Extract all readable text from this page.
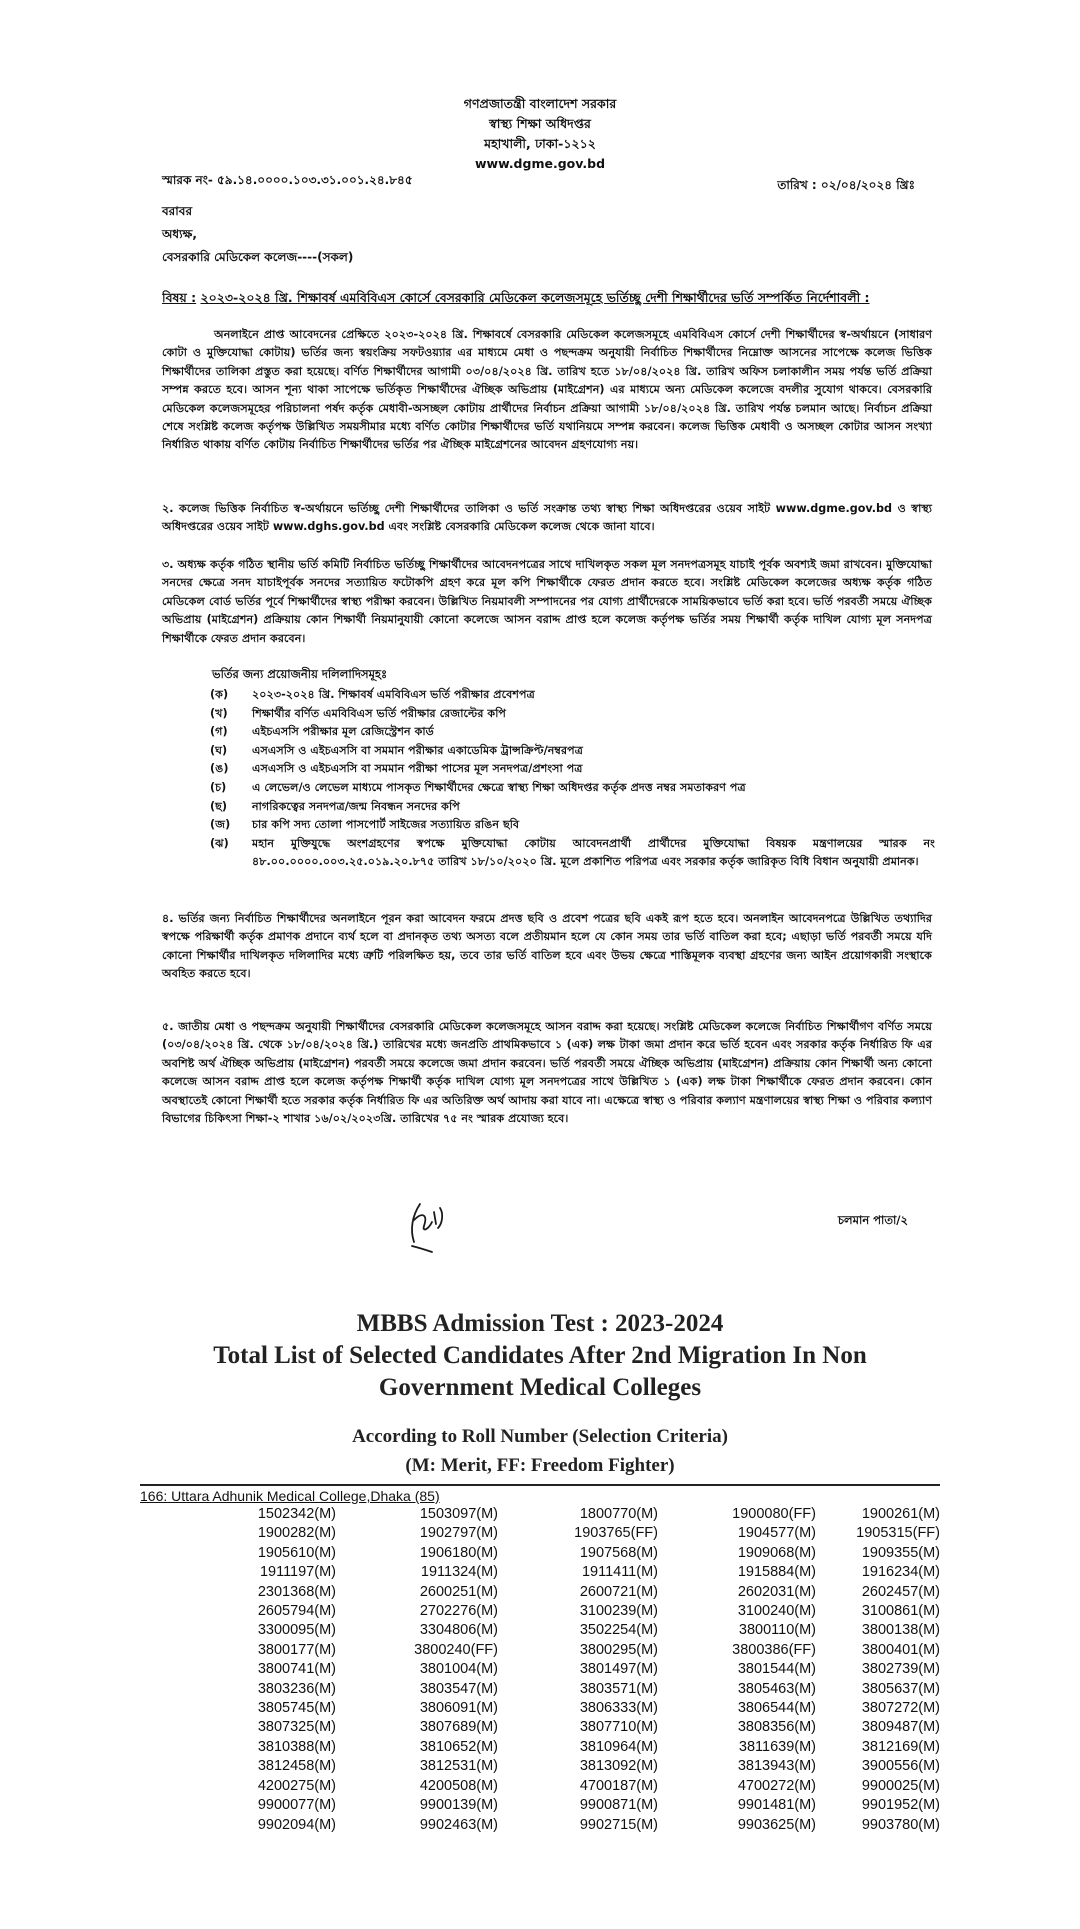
গণপ্রজাতন্ত্রী বাংলাদেশ সরকার
স্বাস্থ্য শিক্ষা অধিদপ্তর
মহাখালী, ঢাকা-১২১২
www.dgme.gov.bd
স্মারক নং- ৫৯.১৪.০০০০.১০৩.৩১.০০১.২৪.৮৪৫	তারিখ : ০২/০৪/২০২৪ খ্রিঃ
বরাবর
অধ্যক্ষ,
বেসরকারি মেডিকেল কলেজ----(সকল)
বিষয় : ২০২৩-২০২৪ খ্রি. শিক্ষাবর্ষ এমবিবিএস কোর্সে বেসরকারি মেডিকেল কলেজসমূহে ভর্তিচ্ছু দেশী শিক্ষার্থীদের ভর্তি সম্পর্কিত নির্দেশাবলী :
অনলাইনে প্রাপ্ত আবেদনের প্রেক্ষিতে ২০২৩-২০২৪ খ্রি. শিক্ষাবর্ষে বেসরকারি মেডিকেল কলেজসমূহে এমবিবিএস কোর্সে দেশী শিক্ষার্থীদের স্ব-অর্থায়নে (সাধারণ কোটা ও মুক্তিযোদ্ধা কোটায়) ভর্তির জন্য স্বয়ংক্রিয় সফটওয়্যার এর মাধ্যমে মেধা ও পছন্দক্রম অনুযায়ী নির্বাচিত শিক্ষার্থীদের নিম্নোক্ত আসনের সাপেক্ষে কলেজ ভিত্তিক শিক্ষার্থীদের তালিকা প্রস্তুত করা হয়েছে। বর্ণিত শিক্ষার্থীদের আগামী ০৩/০৪/২০২৪ খ্রি. তারিখ হতে ১৮/০৪/২০২৪ খ্রি. তারিখ অফিস চলাকালীন সময় পর্যন্ত ভর্তি প্রক্রিয়া সম্পন্ন করতে হবে। আসন শূন্য থাকা সাপেক্ষে ভর্তিকৃত শিক্ষার্থীদের ঐচ্ছিক অভিপ্রায় (মাইগ্রেশন) এর মাধ্যমে অন্য মেডিকেল কলেজে বদলীর সুযোগ থাকবে। বেসরকারি মেডিকেল কলেজসমূহের পরিচালনা পর্ষদ কর্তৃক মেধাবী-অসচ্ছল কোটায় প্রার্থীদের নির্বাচন প্রক্রিয়া আগামী ১৮/০৪/২০২৪ খ্রি. তারিখ পর্যন্ত চলমান আছে। নির্বাচন প্রক্রিয়া শেষে সংশ্লিষ্ট কলেজ কর্তৃপক্ষ উল্লিখিত সময়সীমার মধ্যে বর্ণিত কোটার শিক্ষার্থীদের ভর্তি যথানিয়মে সম্পন্ন করবেন। কলেজ ভিত্তিক মেধাবী ও অসচ্ছল কোটার আসন সংখ্যা নির্ধারিত থাকায় বর্ণিত কোটায় নির্বাচিত শিক্ষার্থীদের ভর্তির পর ঐচ্ছিক মাইগ্রেশনের আবেদন গ্রহণযোগ্য নয়।
২. কলেজ ভিত্তিক নির্বাচিত স্ব-অর্থায়নে ভর্তিচ্ছু দেশী শিক্ষার্থীদের তালিকা ও ভর্তি সংক্রান্ত তথ্য স্বাস্থ্য শিক্ষা অধিদপ্তরের ওয়েব সাইট www.dgme.gov.bd ও স্বাস্থ্য অধিদপ্তরের ওয়েব সাইট www.dghs.gov.bd এবং সংশ্লিষ্ট বেসরকারি মেডিকেল কলেজ থেকে জানা যাবে।
৩. অধ্যক্ষ কর্তৃক গঠিত স্থানীয় ভর্তি কমিটি নির্বাচিত ভর্তিচ্ছু শিক্ষার্থীদের আবেদনপত্রের সাথে দাখিলকৃত সকল মূল সনদপত্রসমূহ যাচাই পূর্বক অবশ্যই জমা রাখবেন। মুক্তিযোদ্ধা সনদের ক্ষেত্রে সনদ যাচাইপূর্বক সনদের সত্যায়িত ফটোকপি গ্রহণ করে মূল কপি শিক্ষার্থীকে ফেরত প্রদান করতে হবে। সংশ্লিষ্ট মেডিকেল কলেজের অধ্যক্ষ কর্তৃক গঠিত মেডিকেল বোর্ড ভর্তির পূর্বে শিক্ষার্থীদের স্বাস্থ্য পরীক্ষা করবেন। উল্লিখিত নিয়মাবলী সম্পাদনের পর যোগ্য প্রার্থীদেরকে সাময়িকভাবে ভর্তি করা হবে। ভর্তি পরবর্তী সময়ে ঐচ্ছিক অভিপ্রায় (মাইগ্রেশন) প্রক্রিয়ায় কোন শিক্ষার্থী নিয়মানুযায়ী কোনো কলেজে আসন বরাদ্দ প্রাপ্ত হলে কলেজ কর্তৃপক্ষ ভর্তির সময় শিক্ষার্থী কর্তৃক দাখিল যোগ্য মূল সনদপত্র শিক্ষার্থীকে ফেরত প্রদান করবেন।
ভর্তির জন্য প্রয়োজনীয় দলিলাদিসমূহঃ
(ক)	২০২৩-২০২৪ খ্রি. শিক্ষাবর্ষ এমবিবিএস ভর্তি পরীক্ষার প্রবেশপত্র
(খ)	শিক্ষার্থীর বর্ণিত এমবিবিএস ভর্তি পরীক্ষার রেজাল্টের কপি
(গ)	এইচএসসি পরীক্ষার মূল রেজিস্ট্রেশন কার্ড
(ঘ)	এসএসসি ও এইচএসসি বা সমমান পরীক্ষার একাডেমিক ট্রান্সক্রিপ্ট/নম্বরপত্র
(ঙ)	এসএসসি ও এইচএসসি বা সমমান পরীক্ষা পাসের মূল সনদপত্র/প্রশংসা পত্র
(চ)	এ লেভেল/ও লেভেল মাধ্যমে পাসকৃত শিক্ষার্থীদের ক্ষেত্রে স্বাস্থ্য শিক্ষা অধিদপ্তর কর্তৃক প্রদত্ত নম্বর সমতাকরণ পত্র
(ছ)	নাগরিকত্বের সনদপত্র/জন্ম নিবন্ধন সনদের কপি
(জ)	চার কপি সদ্য তোলা পাসপোর্ট সাইজের সত্যায়িত রঙিন ছবি
(ঝ)	মহান মুক্তিযুদ্ধে অংশগ্রহণের স্বপক্ষে মুক্তিযোদ্ধা কোটায় আবেদনপ্রার্থী প্রার্থীদের মুক্তিযোদ্ধা বিষয়ক মন্ত্রণালয়ের স্মারক নং ৪৮.০০.০০০০.০০৩.২৫.০১৯.২০.৮৭৫ তারিখ ১৮/১০/২০২০ খ্রি. মূলে প্রকাশিত পরিপত্র এবং সরকার কর্তৃক জারিকৃত বিধি বিধান অনুযায়ী প্রমানক।
৪. ভর্তির জন্য নির্বাচিত শিক্ষার্থীদের অনলাইনে পূরন করা আবেদন ফরমে প্রদত্ত ছবি ও প্রবেশ পত্রের ছবি একই রূপ হতে হবে। অনলাইন আবেদনপত্রে উল্লিখিত তথ্যাদির স্বপক্ষে পরিক্ষার্থী কর্তৃক প্রমাণক প্রদানে ব্যর্থ হলে বা প্রদানকৃত তথ্য অসত্য বলে প্রতীয়মান হলে যে কোন সময় তার ভর্তি বাতিল করা হবে; এছাড়া ভর্তি পরবর্তী সময়ে যদি কোনো শিক্ষার্থীর দাখিলকৃত দলিলাদির মধ্যে ত্রুটি পরিলক্ষিত হয়, তবে তার ভর্তি বাতিল হবে এবং উভয় ক্ষেত্রে শাস্তিমূলক ব্যবস্থা গ্রহণের জন্য আইন প্রয়োগকারী সংস্থাকে অবহিত করতে হবে।
৫. জাতীয় মেধা ও পছন্দক্রম অনুযায়ী শিক্ষার্থীদের বেসরকারি মেডিকেল কলেজসমূহে আসন বরাদ্দ করা হয়েছে। সংশ্লিষ্ট মেডিকেল কলেজে নির্বাচিত শিক্ষার্থীগণ বর্ণিত সময়ে (০৩/০৪/২০২৪ খ্রি. থেকে ১৮/০৪/২০২৪ খ্রি.) তারিখের মধ্যে জনপ্রতি প্রাথমিকভাবে ১ (এক) লক্ষ টাকা জমা প্রদান করে ভর্তি হবেন এবং সরকার কর্তৃক নির্ধারিত ফি এর অবশিষ্ট অর্থ ঐচ্ছিক অভিপ্রায় (মাইগ্রেশন) পরবর্তী সময়ে কলেজে জমা প্রদান করবেন। ভর্তি পরবর্তী সময়ে ঐচ্ছিক অভিপ্রায় (মাইগ্রেশন) প্রক্রিয়ায় কোন শিক্ষার্থী অন্য কোনো কলেজে আসন বরাদ্দ প্রাপ্ত হলে কলেজ কর্তৃপক্ষ শিক্ষার্থী কর্তৃক দাখিল যোগ্য মূল সনদপত্রের সাথে উল্লিখিত ১ (এক) লক্ষ টাকা শিক্ষার্থীকে ফেরত প্রদান করবেন। কোন অবস্থাতেই কোনো শিক্ষার্থী হতে সরকার কর্তৃক নির্ধারিত ফি এর অতিরিক্ত অর্থ আদায় করা যাবে না। এক্ষেত্রে স্বাস্থ্য ও পরিবার কল্যাণ মন্ত্রণালয়ের স্বাস্থ্য শিক্ষা ও পরিবার কল্যাণ বিভাগের চিকিৎসা শিক্ষা-২ শাখার ১৬/০২/২০২৩খ্রি. তারিখের ৭৫ নং স্মারক প্রযোজ্য হবে।
চলমান পাতা/২
MBBS Admission Test : 2023-2024
Total List of Selected Candidates After 2nd Migration In Non
Government Medical Colleges
According to Roll Number (Selection Criteria)
(M: Merit, FF: Freedom Fighter)
166: Uttara Adhunik Medical College,Dhaka (85)
1502342(M)	1503097(M)	1800770(M)	1900080(FF)	1900261(M)
1900282(M)	1902797(M)	1903765(FF)	1904577(M)	1905315(FF)
1905610(M)	1906180(M)	1907568(M)	1909068(M)	1909355(M)
1911197(M)	1911324(M)	1911411(M)	1915884(M)	1916234(M)
2301368(M)	2600251(M)	2600721(M)	2602031(M)	2602457(M)
2605794(M)	2702276(M)	3100239(M)	3100240(M)	3100861(M)
3300095(M)	3304806(M)	3502254(M)	3800110(M)	3800138(M)
3800177(M)	3800240(FF)	3800295(M)	3800386(FF)	3800401(M)
3800741(M)	3801004(M)	3801497(M)	3801544(M)	3802739(M)
3803236(M)	3803547(M)	3803571(M)	3805463(M)	3805637(M)
3805745(M)	3806091(M)	3806333(M)	3806544(M)	3807272(M)
3807325(M)	3807689(M)	3807710(M)	3808356(M)	3809487(M)
3810388(M)	3810652(M)	3810964(M)	3811639(M)	3812169(M)
3812458(M)	3812531(M)	3813092(M)	3813943(M)	3900556(M)
4200275(M)	4200508(M)	4700187(M)	4700272(M)	9900025(M)
9900077(M)	9900139(M)	9900871(M)	9901481(M)	9901952(M)
9902094(M)	9902463(M)	9902715(M)	9903625(M)	9903780(M)
